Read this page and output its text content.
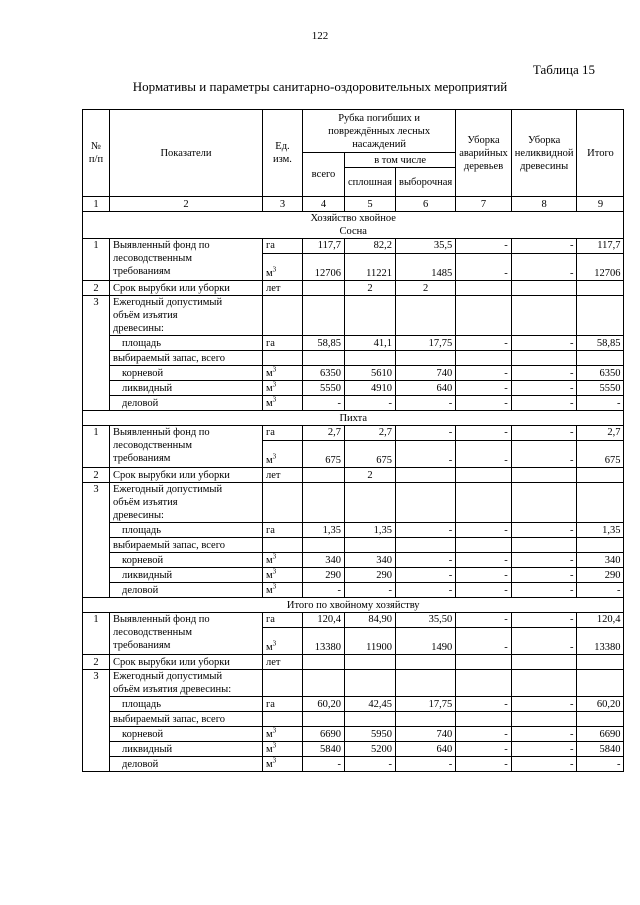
122
Таблица 15
Нормативы и параметры санитарно-оздоровительных мероприятий
№ п/п	Показатели	Ед. изм.	Рубка погибших и повреждённых лесных насаждений			Уборка аварийных деревьев	Уборка неликвидной древесины	Итого
			всего	в том числе				
				сплошная	выборочная			
1	2	3	4	5	6	7	8	9

Хозяйство хвойное
Сосна								

1	Выявленный фонд по
лесоводственным
требованиям	га	117,7	82,2	35,5	-	-	117,7
		$м^3$	12706	11221	1485	-	-	12706
2	Срок вырубки или уборки	лет		2	2			
3	Ежегодный допустимый
объём изъятия
древесины:							

	площадь	га	58,85	41,1	17,75	-	-	58,85
	выбираемый запас, всего							
	корневой	$м^3$	6350	5610	740	-	-	6350
	ликвидный	$м^3$	5550	4910	640	-	-	5550
	деловой	$м^3$	-	-	-	-	-	-

Пихта								

1	Выявленный фонд по
лесоводственным
требованиям	га	2,7	2,7	-	-	-	2,7
		$м^3$	675	675	-	-	-	675
2	Срок вырубки или уборки	лет		2				
3	Ежегодный допустимый
объём изъятия
древесины:							

	площадь	га	1,35	1,35	-	-	-	1,35
	выбираемый запас, всего							
	корневой	$м^3$	340	340	-	-	-	340
	ликвидный	$м^3$	290	290	-	-	-	290
	деловой	$м^3$	-	-	-	-	-	-

Итого по хвойному хозяйству								

1	Выявленный фонд по
лесоводственным
требованиям	га	120,4	84,90	35,50	-	-	120,4
		$м^3$	13380	11900	1490	-	-	13380
2	Срок вырубки или уборки	лет						
3	Ежегодный допустимый
объём изъятия древесины:							

	площадь	га	60,20	42,45	17,75	-	-	60,20
	выбираемый запас, всего							
	корневой	$м^3$	6690	5950	740	-	-	6690
	ликвидный	$м^3$	5840	5200	640	-	-	5840
	деловой	$м^3$	-	-	-	-	-	-
